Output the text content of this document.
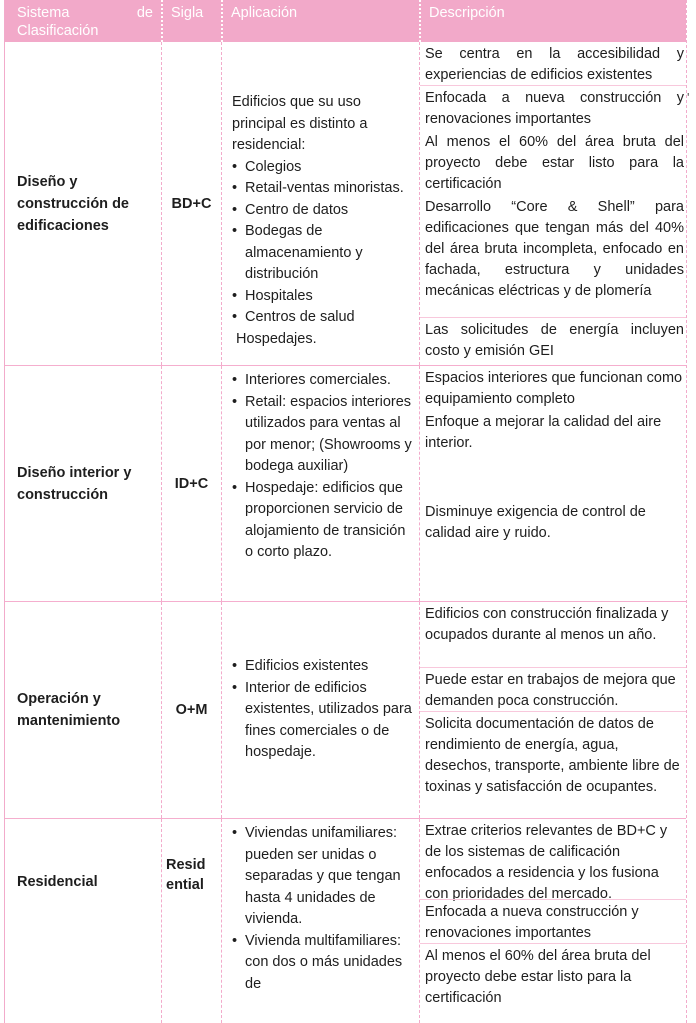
Sistema de Clasificación
Sigla	Aplicación	Descripción
Diseño y construcción de edificaciones
BD+C

Edificios que su uso principal es distinto a residencial:

• Colegios
• Retail-ventas minoristas.
• Centro de datos
• Bodegas de almacenamiento y distribución
• Hospitales
• Centros de salud

Hospedajes.

Se centra en la accesibilidad y experiencias de edificios existentes

Enfocada a nueva construcción y renovaciones importantes

Al menos el 60% del área bruta del proyecto debe estar listo para la certificación

Desarrollo “Core & Shell” para edificaciones que tengan más del 40% del área bruta incompleta, enfocado en fachada, estructura y unidades mecánicas eléctricas y de plomería

Las solicitudes de energía incluyen costo y emisión GEI

Diseño interior y construcción
ID+C
• Interiores comerciales.
• Retail: espacios interiores utilizados para ventas al por menor; (Showrooms y bodega auxiliar)
• Hospedaje: edificios que proporcionen servicio de alojamiento de transición o corto plazo.

Espacios interiores que funcionan como equipamiento completo

Enfoque a mejorar la calidad del aire interior.

Disminuye exigencia de control de calidad aire y ruido.

Operación y mantenimiento
O+M
• Edificios existentes
• Interior de edificios existentes, utilizados para fines comerciales o de hospedaje.

Edificios con construcción finalizada y ocupados durante al menos un año.

Puede estar en trabajos de mejora que demanden poca construcción.

Solicita documentación de datos de rendimiento de energía, agua, desechos, transporte, ambiente libre de toxinas y satisfacción de ocupantes.

Residencial
Resid ential
• Viviendas unifamiliares: pueden ser unidas o separadas y que tengan hasta 4 unidades de vivienda.
• Vivienda multifamiliares: con dos o más unidades de

Extrae criterios relevantes de BD+C y de los sistemas de calificación enfocados a residencia y los fusiona con prioridades del mercado.

Enfocada a nueva construcción y renovaciones importantes

Al menos el 60% del área bruta del proyecto debe estar listo para la certificación

'
